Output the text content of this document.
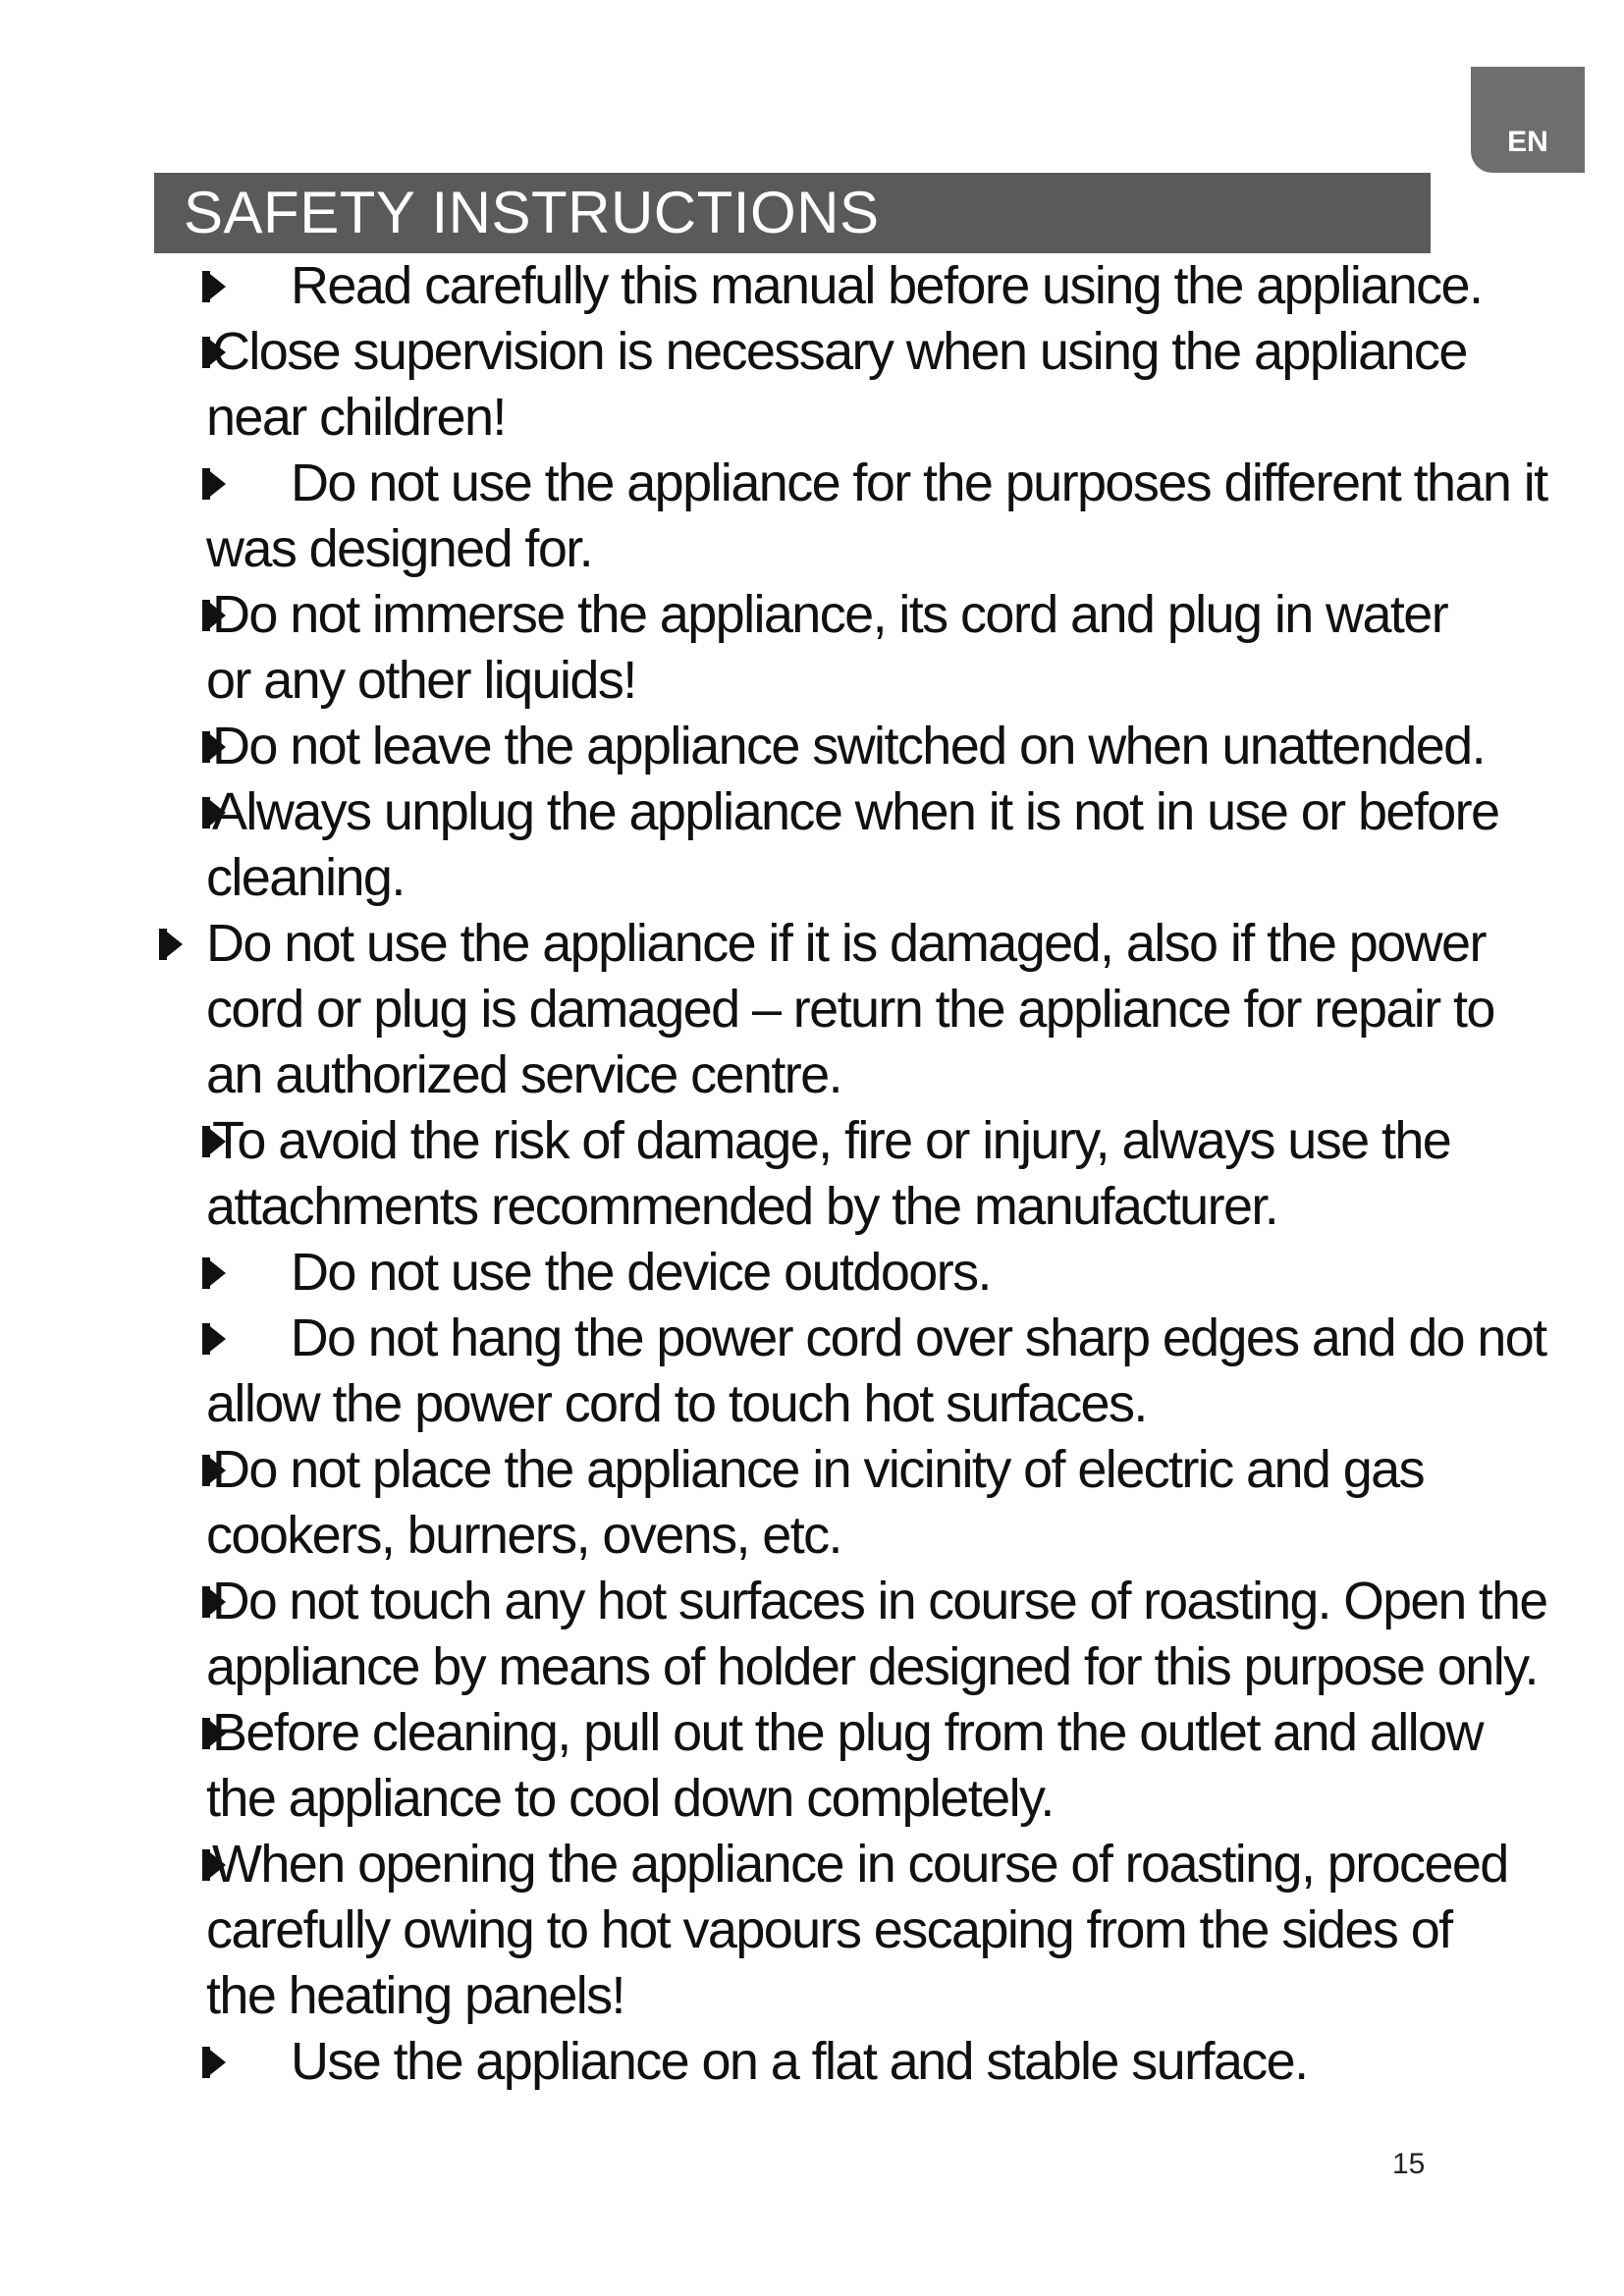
EN
SAFETY INSTRUCTIONS
Read carefully this manual before using the appliance.
Close supervision is necessary when using the appliance
near children!
Do not use the appliance for the purposes different than it
was designed for.
Do not immerse the appliance, its cord and plug in water
or any other liquids!
Do not leave the appliance switched on when unattended.
Always unplug the appliance when it is not in use or before
cleaning.
Do not use the appliance if it is damaged, also if the power
cord or plug is damaged – return the appliance for repair to
an authorized service centre.
To avoid the risk of damage, fire or injury, always use the
attachments recommended by the manufacturer.
Do not use the device outdoors.
Do not hang the power cord over sharp edges and do not
allow the power cord to touch hot surfaces.
Do not place the appliance in vicinity of electric and gas
cookers, burners, ovens, etc.
Do not touch any hot surfaces in course of roasting. Open the
appliance by means of holder designed for this purpose only.
Before cleaning, pull out the plug from the outlet and allow
the appliance to cool down completely.
When opening the appliance in course of roasting, proceed
carefully owing to hot vapours escaping from the sides of
the heating panels!
Use the appliance on a flat and stable surface.
15
